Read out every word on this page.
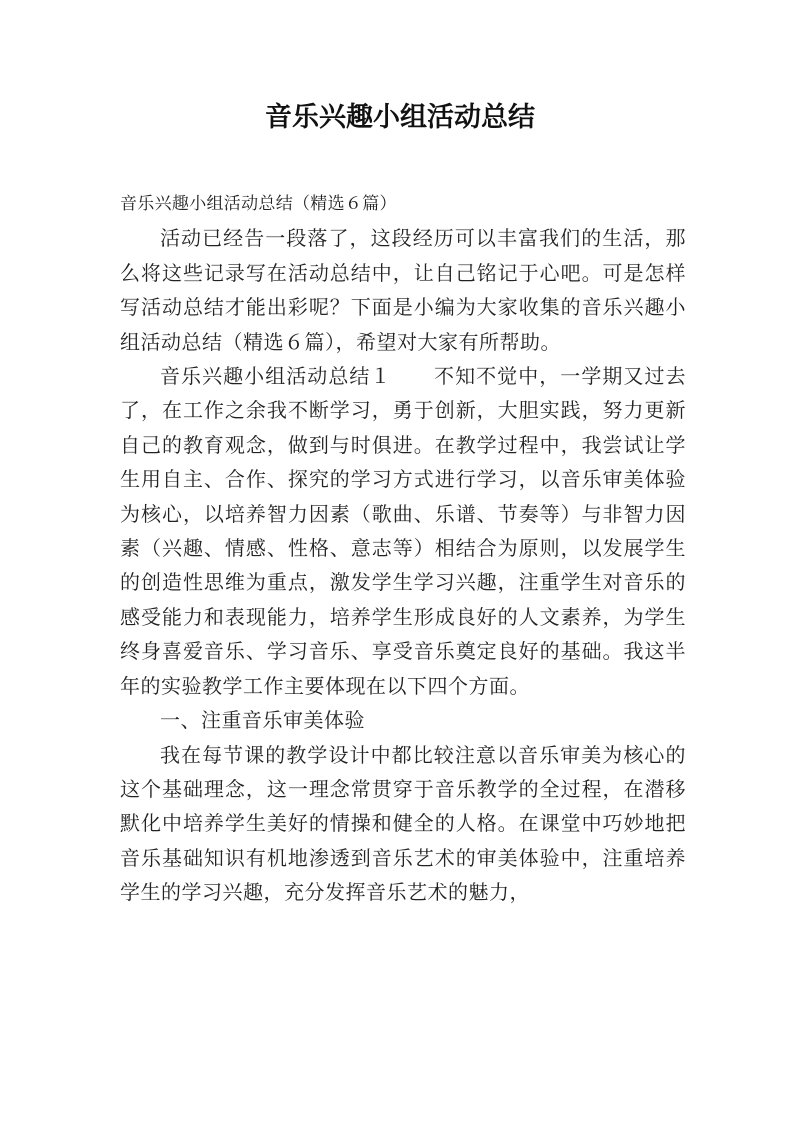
音乐兴趣小组活动总结

音乐兴趣小组活动总结（精选６篇）

活动已经告一段落了，这段经历可以丰富我们的生活，那么将这些记录写在活动总结中，让自己铭记于心吧。可是怎样写活动总结才能出彩呢？下面是小编为大家收集的音乐兴趣小组活动总结（精选６篇），希望对大家有所帮助。

音乐兴趣小组活动总结１ 不知不觉中，一学期又过去了，在工作之余我不断学习，勇于创新，大胆实践，努力更新自己的教育观念，做到与时俱进。在教学过程中，我尝试让学生用自主、合作、探究的学习方式进行学习，以音乐审美体验为核心，以培养智力因素（歌曲、乐谱、节奏等）与非智力因素（兴趣、情感、性格、意志等）相结合为原则，以发展学生的创造性思维为重点，激发学生学习兴趣，注重学生对音乐的感受能力和表现能力，培养学生形成良好的人文素养，为学生终身喜爱音乐、学习音乐、享受音乐奠定良好的基础。我这半年的实验教学工作主要体现在以下四个方面。

一、注重音乐审美体验

我在每节课的教学设计中都比较注意以音乐审美为核心的这个基础理念，这一理念常贯穿于音乐教学的全过程，在潜移默化中培养学生美好的情操和健全的人格。在课堂中巧妙地把音乐基础知识有机地渗透到音乐艺术的审美体验中，注重培养学生的学习兴趣，充分发挥音乐艺术的魅力，
